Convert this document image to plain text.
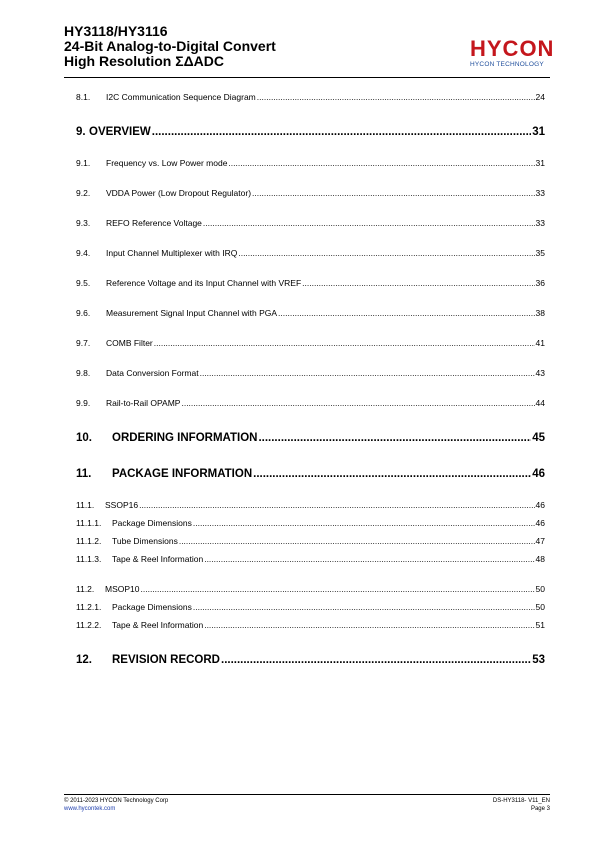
HY3118/HY3116
24-Bit Analog-to-Digital Convert
High Resolution ΣΔADC	HYCON
HYCON TECHNOLOGY
8.1.	I2C Communication Sequence Diagram .....	24
9. OVERVIEW .....	31
9.1.	Frequency vs. Low Power mode .....	31
9.2.	VDDA Power (Low Dropout Regulator) .....	33
9.3.	REFO Reference Voltage .....	33
9.4.	Input Channel Multiplexer with IRQ .....	35
9.5.	Reference Voltage and its Input Channel with VREF .....	36
9.6.	Measurement Signal Input Channel with PGA .....	38
9.7.	COMB Filter .....	41
9.8.	Data Conversion Format .....	43
9.9.	Rail-to-Rail OPAMP .....	44
10.	ORDERING INFORMATION .....	45
11.	PACKAGE INFORMATION .....	46
11.1.	SSOP16 .....	46
11.1.1.	Package Dimensions .....	46
11.1.2.	Tube Dimensions .....	47
11.1.3.	Tape & Reel Information .....	48
11.2.	MSOP10 .....	50
11.2.1.	Package Dimensions .....	50
11.2.2.	Tape & Reel Information .....	51
12.	REVISION RECORD .....	53
© 2011-2023 HYCON Technology Corp
www.hycontek.com
DS-HY3118- V11_EN
Page 3
